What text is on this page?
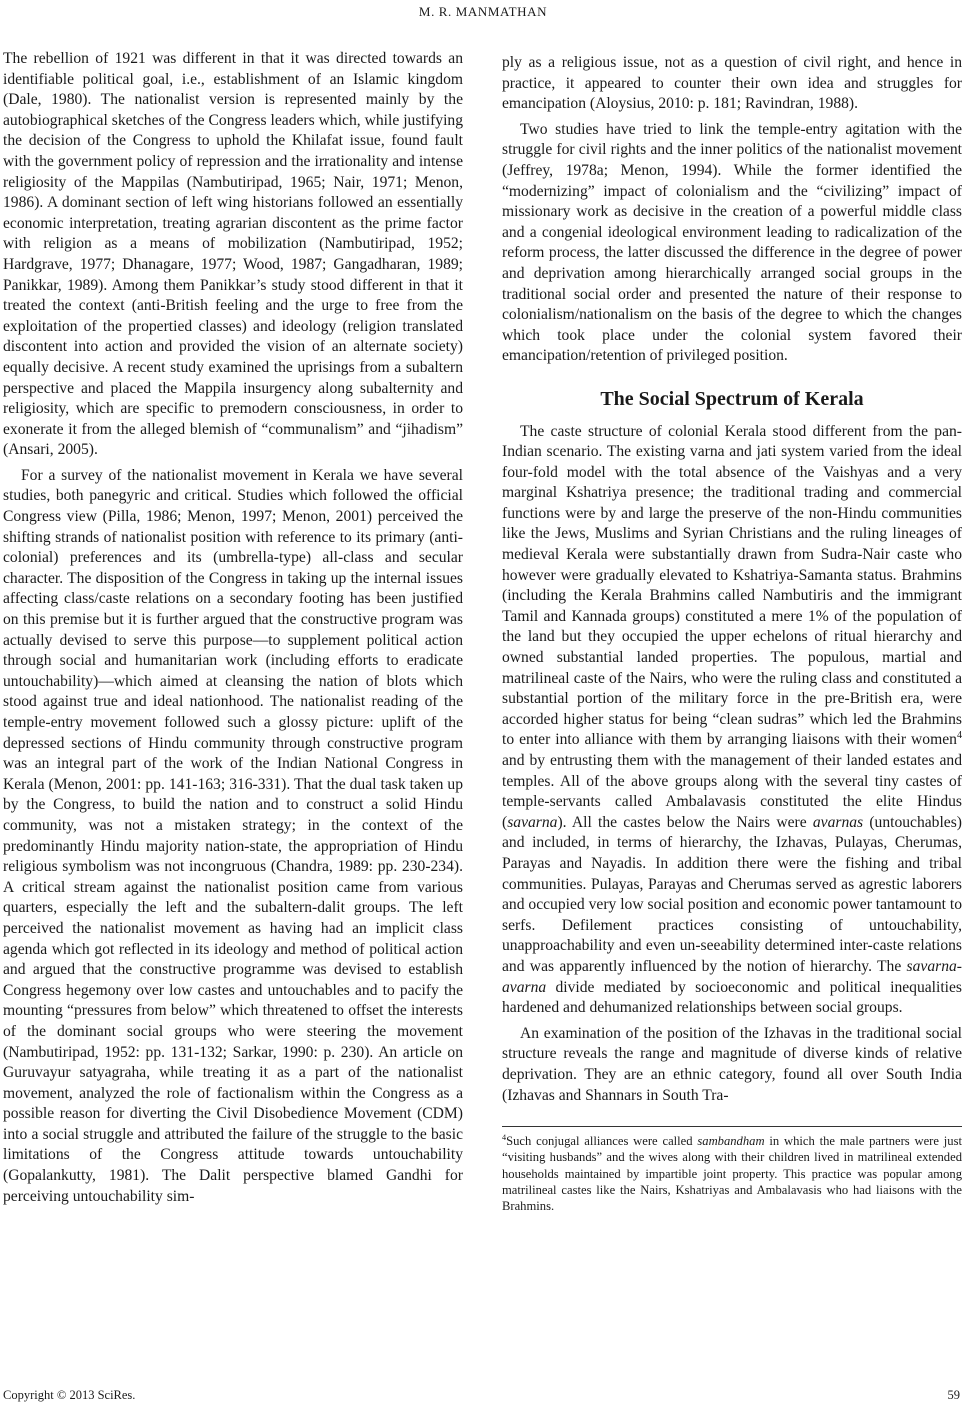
M. R. MANMATHAN

The rebellion of 1921 was different in that it was directed towards an identifiable political goal, i.e., establishment of an Islamic kingdom (Dale, 1980). The nationalist version is represented mainly by the autobiographical sketches of the Congress leaders which, while justifying the decision of the Congress to uphold the Khilafat issue, found fault with the government policy of repression and the irrationality and intense religiosity of the Mappilas (Nambutiripad, 1965; Nair, 1971; Menon, 1986). A dominant section of left wing historians followed an essentially economic interpretation, treating agrarian discontent as the prime factor with religion as a means of mobilization (Nambutiripad, 1952; Hardgrave, 1977; Dhanagare, 1977; Wood, 1987; Gangadharan, 1989; Panikkar, 1989). Among them Panikkar’s study stood different in that it treated the context (anti-British feeling and the urge to free from the exploitation of the propertied classes) and ideology (religion translated discontent into action and provided the vision of an alternate society) equally decisive. A recent study examined the uprisings from a subaltern perspective and placed the Mappila insurgency along subalternity and religiosity, which are specific to premodern consciousness, in order to exonerate it from the alleged blemish of “communalism” and “jihadism” (Ansari, 2005).

For a survey of the nationalist movement in Kerala we have several studies, both panegyric and critical. Studies which followed the official Congress view (Pilla, 1986; Menon, 1997; Menon, 2001) perceived the shifting strands of nationalist position with reference to its primary (anti-colonial) preferences and its (umbrella-type) all-class and secular character. The disposition of the Congress in taking up the internal issues affecting class/caste relations on a secondary footing has been justified on this premise but it is further argued that the constructive program was actually devised to serve this purpose—to supplement political action through social and humanitarian work (including efforts to eradicate untouchability)—which aimed at cleansing the nation of blots which stood against true and ideal nationhood. The nationalist reading of the temple-entry movement followed such a glossy picture: uplift of the depressed sections of Hindu community through constructive program was an integral part of the work of the Indian National Congress in Kerala (Menon, 2001: pp. 141-163; 316-331). That the dual task taken up by the Congress, to build the nation and to construct a solid Hindu community, was not a mistaken strategy; in the context of the predominantly Hindu majority nation-state, the appropriation of Hindu religious symbolism was not incongruous (Chandra, 1989: pp. 230-234). A critical stream against the nationalist position came from various quarters, especially the left and the subaltern-dalit groups. The left perceived the nationalist movement as having had an implicit class agenda which got reflected in its ideology and method of political action and argued that the constructive programme was devised to establish Congress hegemony over low castes and untouchables and to pacify the mounting “pressures from below” which threatened to offset the interests of the dominant social groups who were steering the movement (Nambutiripad, 1952: pp. 131-132; Sarkar, 1990: p. 230). An article on Guruvayur satyagraha, while treating it as a part of the nationalist movement, analyzed the role of factionalism within the Congress as a possible reason for diverting the Civil Disobedience Movement (CDM) into a social struggle and attributed the failure of the struggle to the basic limitations of the Congress attitude towards untouchability (Gopalankutty, 1981). The Dalit perspective blamed Gandhi for perceiving untouchability sim-

ply as a religious issue, not as a question of civil right, and hence in practice, it appeared to counter their own idea and struggles for emancipation (Aloysius, 2010: p. 181; Ravindran, 1988).

Two studies have tried to link the temple-entry agitation with the struggle for civil rights and the inner politics of the nationalist movement (Jeffrey, 1978a; Menon, 1994). While the former identified the “modernizing” impact of colonialism and the “civilizing” impact of missionary work as decisive in the creation of a powerful middle class and a congenial ideological environment leading to radicalization of the reform process, the latter discussed the difference in the degree of power and deprivation among hierarchically arranged social groups in the traditional social order and presented the nature of their response to colonialism/nationalism on the basis of the degree to which the changes which took place under the colonial system favored their emancipation/retention of privileged position.

The Social Spectrum of Kerala

The caste structure of colonial Kerala stood different from the pan-Indian scenario. The existing varna and jati system varied from the ideal four-fold model with the total absence of the Vaishyas and a very marginal Kshatriya presence; the traditional trading and commercial functions were by and large the preserve of the non-Hindu communities like the Jews, Muslims and Syrian Christians and the ruling lineages of medieval Kerala were substantially drawn from Sudra-Nair caste who however were gradually elevated to Kshatriya-Samanta status. Brahmins (including the Kerala Brahmins called Nambutiris and the immigrant Tamil and Kannada groups) constituted a mere 1% of the population of the land but they occupied the upper echelons of ritual hierarchy and owned substantial landed properties. The populous, martial and matrilineal caste of the Nairs, who were the ruling class and constituted a substantial portion of the military force in the pre-British era, were accorded higher status for being “clean sudras” which led the Brahmins to enter into alliance with them by arranging liaisons with their women$^4$ and by entrusting them with the management of their landed estates and temples. All of the above groups along with the several tiny castes of temple-servants called Ambalavasis constituted the elite Hindus (savarna). All the castes below the Nairs were avarnas (untouchables) and included, in terms of hierarchy, the Izhavas, Pulayas, Cherumas, Parayas and Nayadis. In addition there were the fishing and tribal communities. Pulayas, Parayas and Cherumas served as agrestic laborers and occupied very low social position and economic power tantamount to serfs. Defilement practices consisting of untouchability, unapproachability and even un-seeability determined inter-caste relations and was apparently influenced by the notion of hierarchy. The savarna-avarna divide mediated by socioeconomic and political inequalities hardened and dehumanized relationships between social groups.

An examination of the position of the Izhavas in the traditional social structure reveals the range and magnitude of diverse kinds of relative deprivation. They are an ethnic category, found all over South India (Izhavas and Shannars in South Tra-

$^4$Such conjugal alliances were called sambandham in which the male partners were just “visiting husbands” and the wives along with their children lived in matrilineal extended households maintained by impartible joint property. This practice was popular among matrilineal castes like the Nairs, Kshatriyas and Ambalavasis who had liaisons with the Brahmins.

Copyright © 2013 SciRes.	59
